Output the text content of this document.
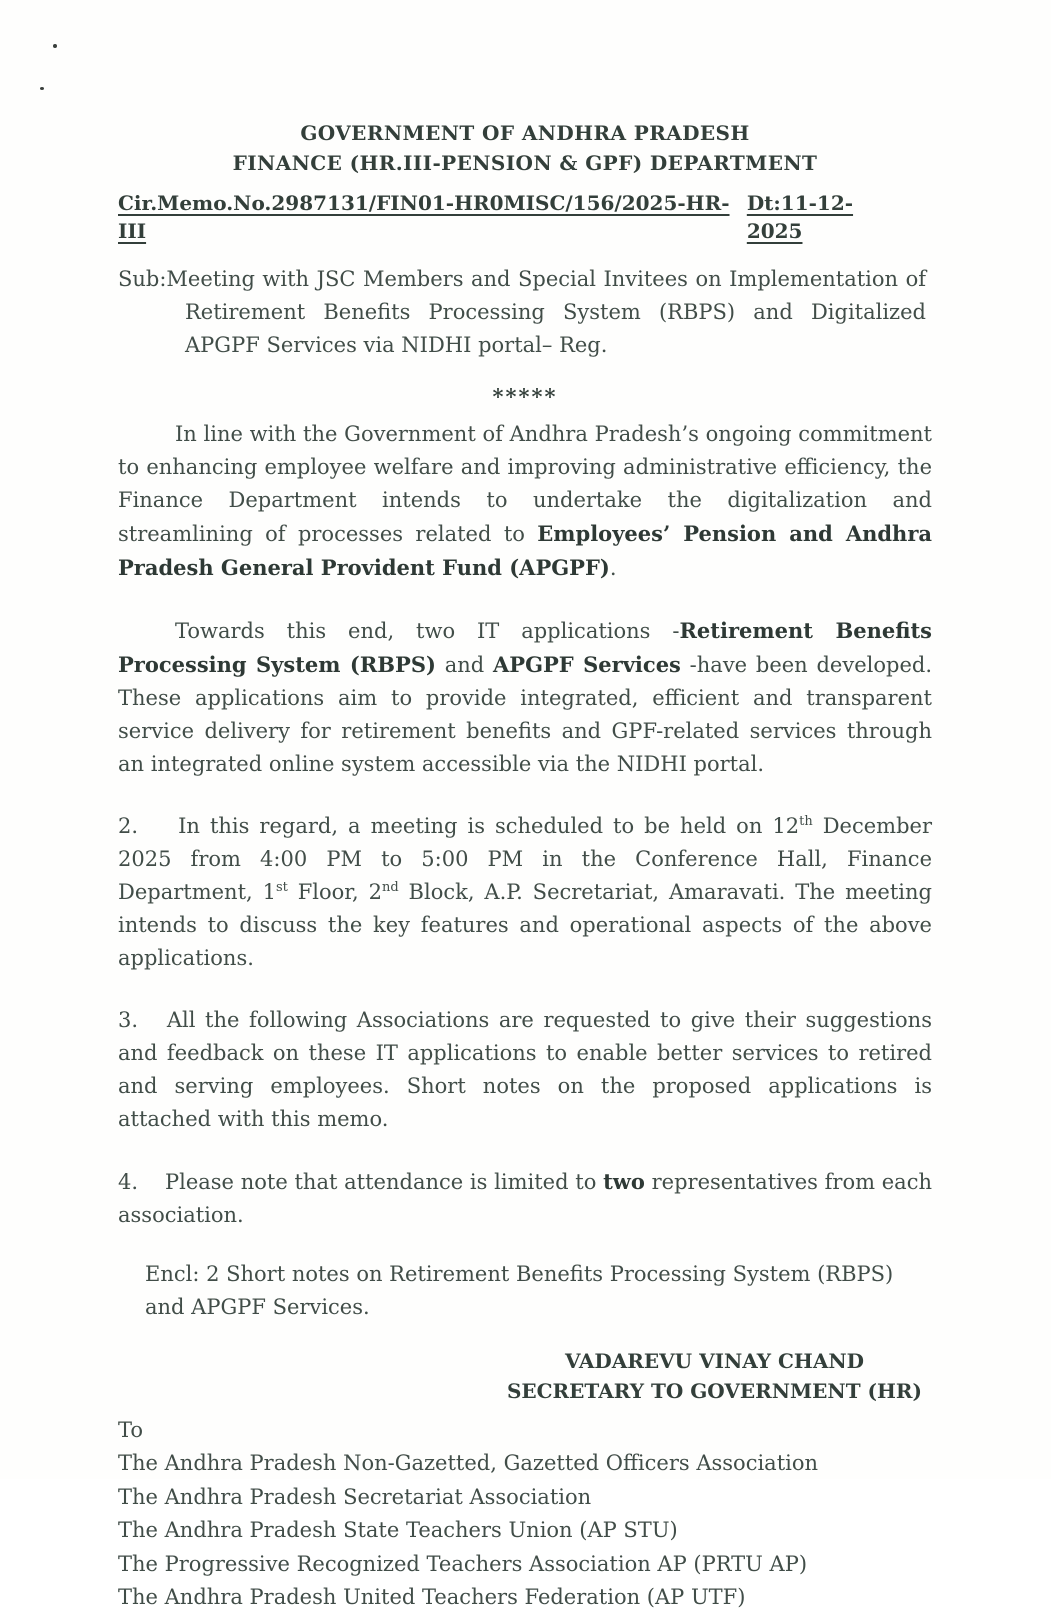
GOVERNMENT OF ANDHRA PRADESH
FINANCE (HR.III-PENSION & GPF) DEPARTMENT
Cir.Memo.No.2987131/FIN01-HR0MISC/156/2025-HR-III
Dt:11-12-2025
Sub:Meeting with JSC Members and Special Invitees on Implementation of Retirement Benefits Processing System (RBPS) and Digitalized APGPF Services via NIDHI portal– Reg.
*****

In line with the Government of Andhra Pradesh’s ongoing commitment to enhancing employee welfare and improving administrative efficiency, the Finance Department intends to undertake the digitalization and streamlining of processes related to Employees’ Pension and Andhra Pradesh General Provident Fund (APGPF).

Towards this end, two IT applications -Retirement Benefits Processing System (RBPS) and APGPF Services -have been developed. These applications aim to provide integrated, efficient and transparent service delivery for retirement benefits and GPF-related services through an integrated online system accessible via the NIDHI portal.

2.    In this regard, a meeting is scheduled to be held on 12th December 2025 from 4:00 PM to 5:00 PM in the Conference Hall, Finance Department, 1st Floor, 2nd Block, A.P. Secretariat, Amaravati. The meeting intends to discuss the key features and operational aspects of the above applications.

3.   All the following Associations are requested to give their suggestions and feedback on these IT applications to enable better services to retired and serving employees. Short notes on the proposed applications is attached with this memo.

4.    Please note that attendance is limited to two representatives from each association.

Encl: 2 Short notes on Retirement Benefits Processing System (RBPS) and APGPF Services.
VADAREVU VINAY CHAND
SECRETARY TO GOVERNMENT (HR)
To
The Andhra Pradesh Non-Gazetted, Gazetted Officers Association
The Andhra Pradesh Secretariat Association
The Andhra Pradesh State Teachers Union (AP STU)
The Progressive Recognized Teachers Association AP (PRTU AP)
The Andhra Pradesh United Teachers Federation (AP UTF)
